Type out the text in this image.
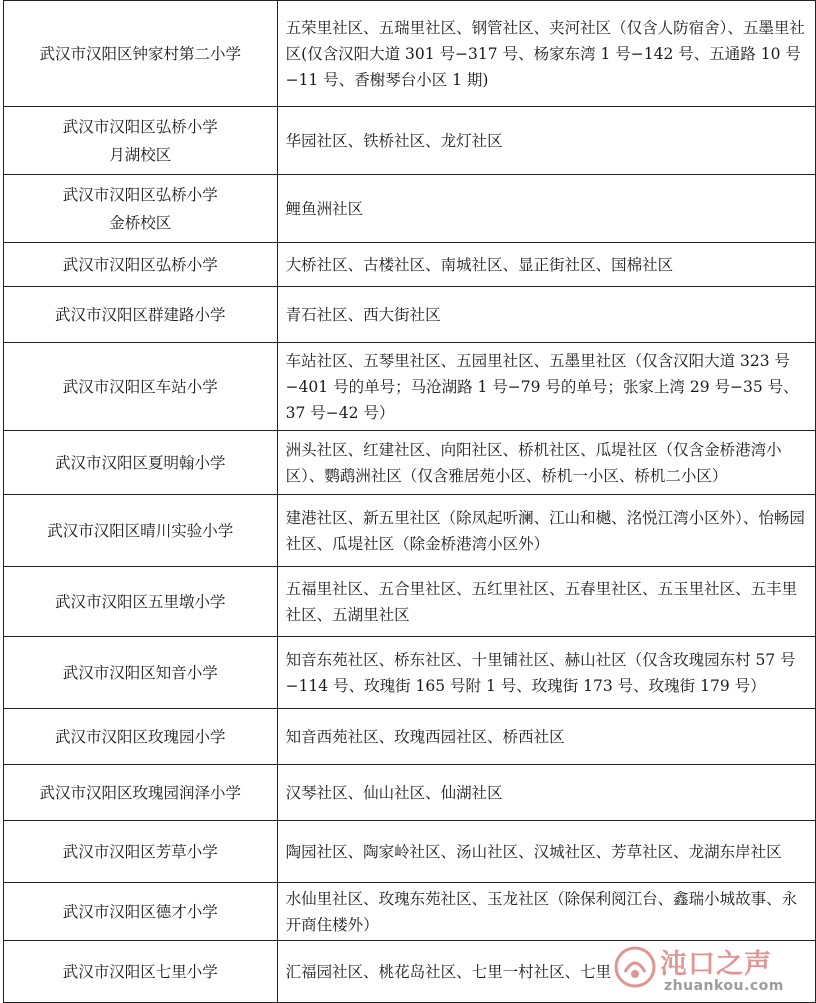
武汉市汉阳区钟家村第二小学	五荣里社区、五瑞里社区、钢管社区、夹河社区（仅含人防宿舍）、五墨里社区(仅含汉阳大道 301 号−317 号、杨家东湾 1 号−142 号、五通路 10 号−11 号、香榭琴台小区 1 期)
武汉市汉阳区弘桥小学
月湖校区	华园社区、铁桥社区、龙灯社区
武汉市汉阳区弘桥小学
金桥校区	鲤鱼洲社区
武汉市汉阳区弘桥小学	大桥社区、古楼社区、南城社区、显正街社区、国棉社区
武汉市汉阳区群建路小学	青石社区、西大街社区
武汉市汉阳区车站小学	车站社区、五琴里社区、五园里社区、五墨里社区（仅含汉阳大道 323 号−401 号的单号；马沧湖路 1 号−79 号的单号；张家上湾 29 号−35 号、37 号−42 号）
武汉市汉阳区夏明翰小学	洲头社区、红建社区、向阳社区、桥机社区、瓜堤社区（仅含金桥港湾小区）、鹦鹉洲社区（仅含雅居苑小区、桥机一小区、桥机二小区）
武汉市汉阳区晴川实验小学	建港社区、新五里社区（除凤起听澜、江山和樾、洺悦江湾小区外）、怡畅园社区、瓜堤社区（除金桥港湾小区外）
武汉市汉阳区五里墩小学	五福里社区、五合里社区、五红里社区、五春里社区、五玉里社区、五丰里社区、五湖里社区
武汉市汉阳区知音小学	知音东苑社区、桥东社区、十里铺社区、赫山社区（仅含玫瑰园东村 57 号−114 号、玫瑰街 165 号附 1 号、玫瑰街 173 号、玫瑰街 179 号）
武汉市汉阳区玫瑰园小学	知音西苑社区、玫瑰西园社区、桥西社区
武汉市汉阳区玫瑰园润泽小学	汉琴社区、仙山社区、仙湖社区
武汉市汉阳区芳草小学	陶园社区、陶家岭社区、汤山社区、汉城社区、芳草社区、龙湖东岸社区
武汉市汉阳区德才小学	水仙里社区、玫瑰东苑社区、玉龙社区（除保利阅江台、鑫瑞小城故事、永开商住楼外）
武汉市汉阳区七里小学	汇福园社区、桃花岛社区、七里一村社区、七里 沌口之声
zhuankou.com
